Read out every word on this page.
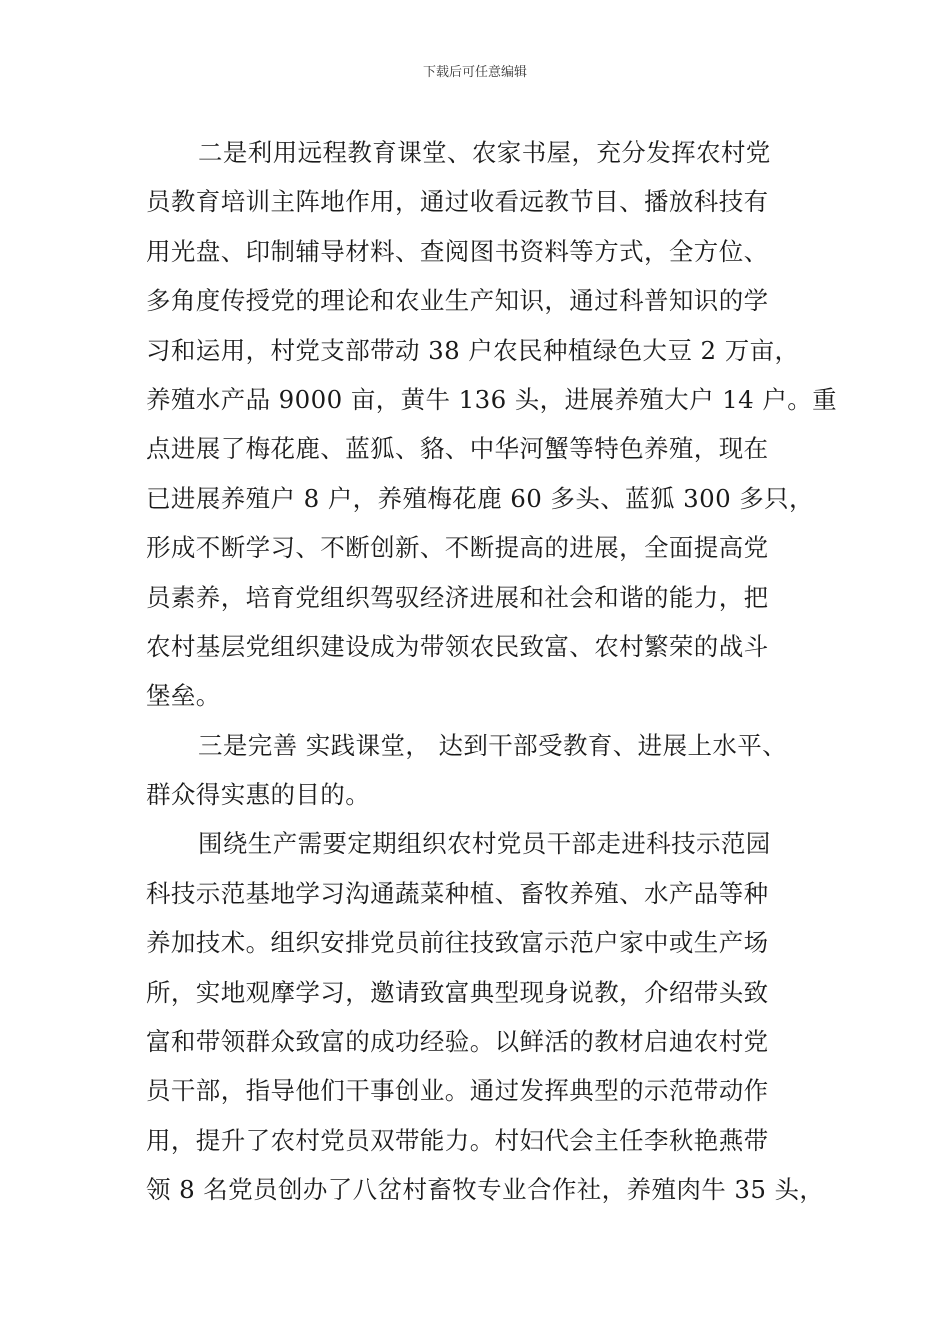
下载后可任意编辑
二是利用远程教育课堂、农家书屋，充分发挥农村党
员教育培训主阵地作用，通过收看远教节目、播放科技有
用光盘、印制辅导材料、查阅图书资料等方式，全方位、
多角度传授党的理论和农业生产知识，通过科普知识的学
习和运用，村党支部带动 38 户农民种植绿色大豆 2 万亩，
养殖水产品 9000 亩，黄牛 136 头，进展养殖大户 14 户。重
点进展了梅花鹿、蓝狐、貉、中华河蟹等特色养殖，现在
已进展养殖户 8 户，养殖梅花鹿 60 多头、蓝狐 300 多只，
形成不断学习、不断创新、不断提高的进展，全面提高党
员素养，培育党组织驾驭经济进展和社会和谐的能力，把
农村基层党组织建设成为带领农民致富、农村繁荣的战斗
堡垒。
三是完善 实践课堂， 达到干部受教育、进展上水平、
群众得实惠的目的。
围绕生产需要定期组织农村党员干部走进科技示范园
科技示范基地学习沟通蔬菜种植、畜牧养殖、水产品等种
养加技术。组织安排党员前往技致富示范户家中或生产场
所，实地观摩学习，邀请致富典型现身说教，介绍带头致
富和带领群众致富的成功经验。以鲜活的教材启迪农村党
员干部，指导他们干事创业。通过发挥典型的示范带动作
用，提升了农村党员双带能力。村妇代会主任李秋艳燕带
领 8 名党员创办了八岔村畜牧专业合作社，养殖肉牛 35 头，
